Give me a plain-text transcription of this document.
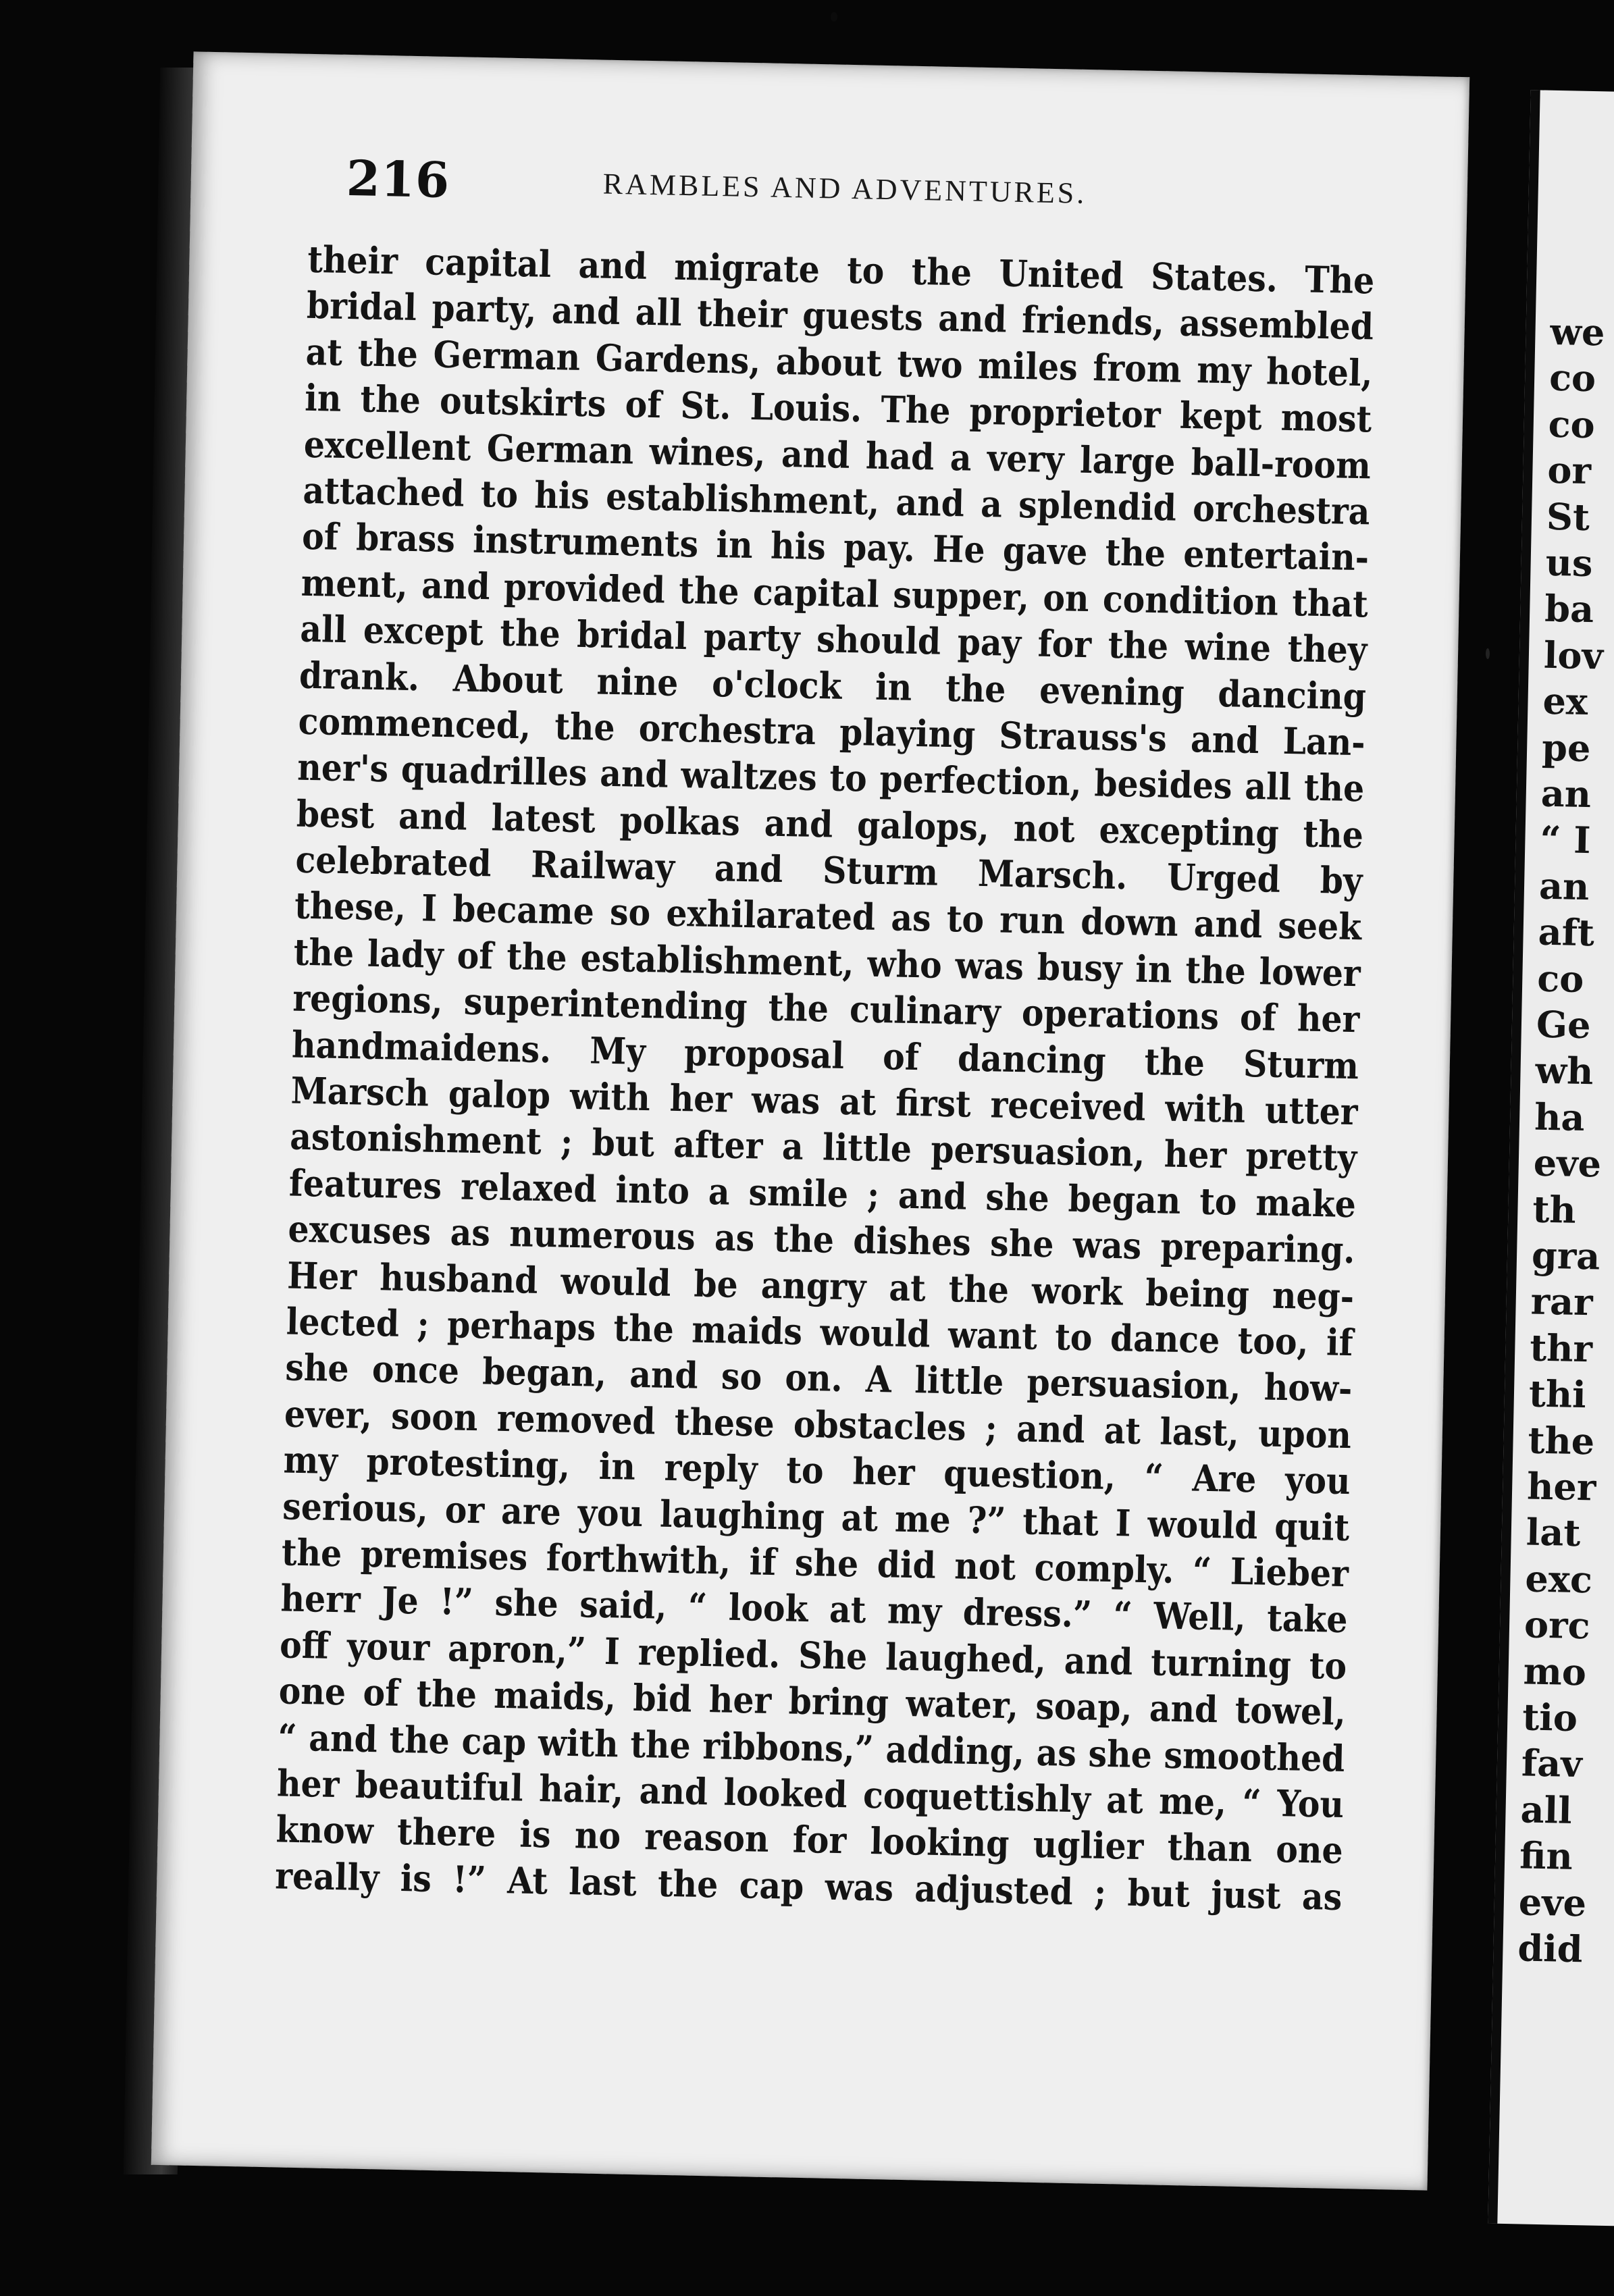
216	RAMBLES AND ADVENTURES.
their capital and migrate to the United States. The
bridal party, and all their guests and friends, assembled
at the German Gardens, about two miles from my hotel,
in the outskirts of St. Louis. The proprietor kept most
excellent German wines, and had a very large ball-room
attached to his establishment, and a splendid orchestra
of brass instruments in his pay. He gave the entertain-
ment, and provided the capital supper, on condition that
all except the bridal party should pay for the wine they
drank. About nine o'clock in the evening dancing
commenced, the orchestra playing Strauss's and Lan-
ner's quadrilles and waltzes to perfection, besides all the
best and latest polkas and galops, not excepting the
celebrated Railway and Sturm Marsch. Urged by
these, I became so exhilarated as to run down and seek
the lady of the establishment, who was busy in the lower
regions, superintending the culinary operations of her
handmaidens. My proposal of dancing the Sturm
Marsch galop with her was at first received with utter
astonishment ; but after a little persuasion, her pretty
features relaxed into a smile ; and she began to make
excuses as numerous as the dishes she was preparing.
Her husband would be angry at the work being neg-
lected ; perhaps the maids would want to dance too, if
she once began, and so on. A little persuasion, how-
ever, soon removed these obstacles ; and at last, upon
my protesting, in reply to her question, “ Are you
serious, or are you laughing at me ?” that I would quit
the premises forthwith, if she did not comply. “ Lieber
herr Je !” she said, “ look at my dress.” “ Well, take
off your apron,” I replied. She laughed, and turning to
one of the maids, bid her bring water, soap, and towel,
“ and the cap with the ribbons,” adding, as she smoothed
her beautiful hair, and looked coquettishly at me, “ You
know there is no reason for looking uglier than one
really is !” At last the cap was adjusted ; but just as
we
co
co
or
St
us
ba
lov
ex
pe
an
“ I
an
aft
co
Ge
wh
ha
eve
th
gra
rar
thr
thi
the
her
lat
exc
orc
mo
tio
fav
all
fin
eve
did
